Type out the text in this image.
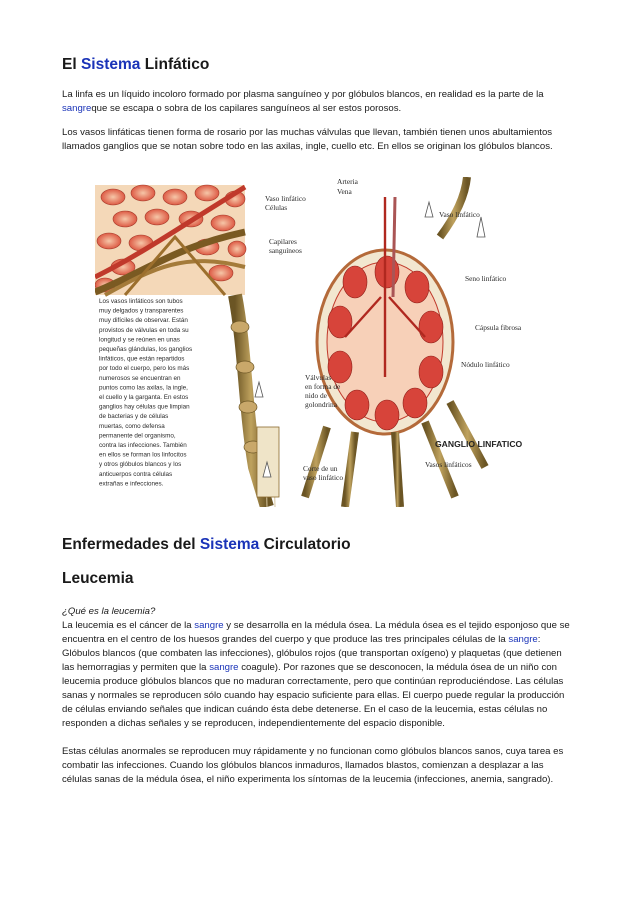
El Sistema Linfático
La linfa es un líquido incoloro formado por plasma sanguíneo y por glóbulos blancos, en realidad es la parte de la sangreque se escapa o sobra de los capilares sanguíneos al ser estos porosos.
Los vasos linfáticas tienen forma de rosario por las muchas válvulas que llevan, también tienen unos abultamientos llamados ganglios que se notan sobre todo en las axilas, ingle, cuello etc. En ellos se originan los glóbulos blancos.
Vaso linfático
Células
Capilares
sanguíneos
Arteria
Vena
Vaso linfático
Seno linfático
Cápsula fibrosa
Nódulo linfático
Válvulas
en forma de
nido de
golondrina
Corte de un
vaso linfático
GANGLIO LINFATICO
Vasos linfáticos
Los vasos linfáticos son tubos
muy delgados y transparentes
muy difíciles de observar. Están
provistos de válvulas en toda su
longitud y se reúnen en unas
pequeñas glándulas, los ganglios
linfáticos, que están repartidos
por todo el cuerpo, pero los más
numerosos se encuentran en
puntos como las axilas, la ingle,
el cuello y la garganta. En estos
ganglios hay células que limpian
de bacterias y de células
muertas, como defensa
permanente del organismo,
contra las infecciones. También
en ellos se forman los linfocitos
y otros glóbulos blancos y los
anticuerpos contra células
extrañas e infecciones.
Enfermedades del Sistema Circulatorio
Leucemia
¿Qué es la leucemia?
La leucemia es el cáncer de la sangre y se desarrolla en la médula ósea. La médula ósea es el tejido esponjoso que se encuentra en el centro de los huesos grandes del cuerpo y que produce las tres principales células de la sangre: Glóbulos blancos (que combaten las infecciones), glóbulos rojos (que transportan oxígeno) y plaquetas (que detienen las hemorragias y permiten que la sangre coagule). Por razones que se desconocen, la médula ósea de un niño con leucemia produce glóbulos blancos que no maduran correctamente, pero que continúan reproduciéndose. Las células sanas y normales se reproducen sólo cuando hay espacio suficiente para ellas. El cuerpo puede regular la producción de células enviando señales que indican cuándo ésta debe detenerse. En el caso de la leucemia, estas células no responden a dichas señales y se reproducen, independientemente del espacio disponible.
Estas células anormales se reproducen muy rápidamente y no funcionan como glóbulos blancos sanos, cuya tarea es combatir las infecciones. Cuando los glóbulos blancos inmaduros, llamados blastos, comienzan a desplazar a las células sanas de la médula ósea, el niño experimenta los síntomas de la leucemia (infecciones, anemia, sangrado).
